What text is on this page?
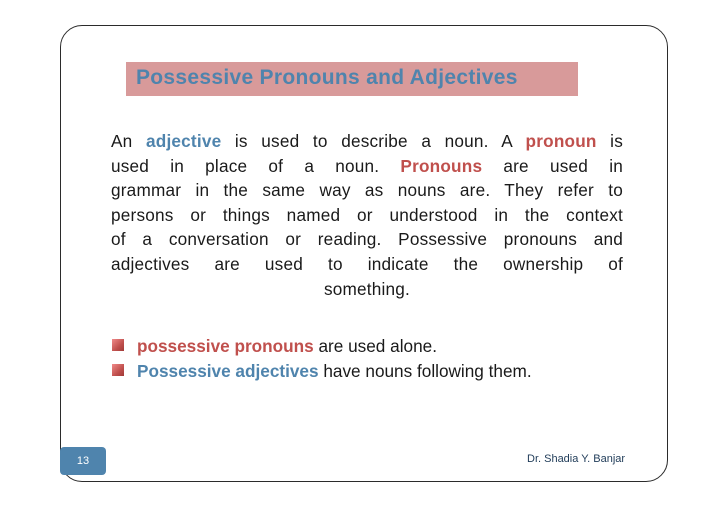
Possessive Pronouns and Adjectives
An adjective is used to describe a noun. A pronoun is
used in place of a noun. Pronouns are used in
grammar in the same way as nouns are. They refer to
persons or things named or understood in the context
of a conversation or reading. Possessive pronouns and
adjectives are used to indicate the ownership of
something.
possessive pronouns are used alone.
Possessive adjectives have nouns following them.
13	Dr. Shadia Y. Banjar
